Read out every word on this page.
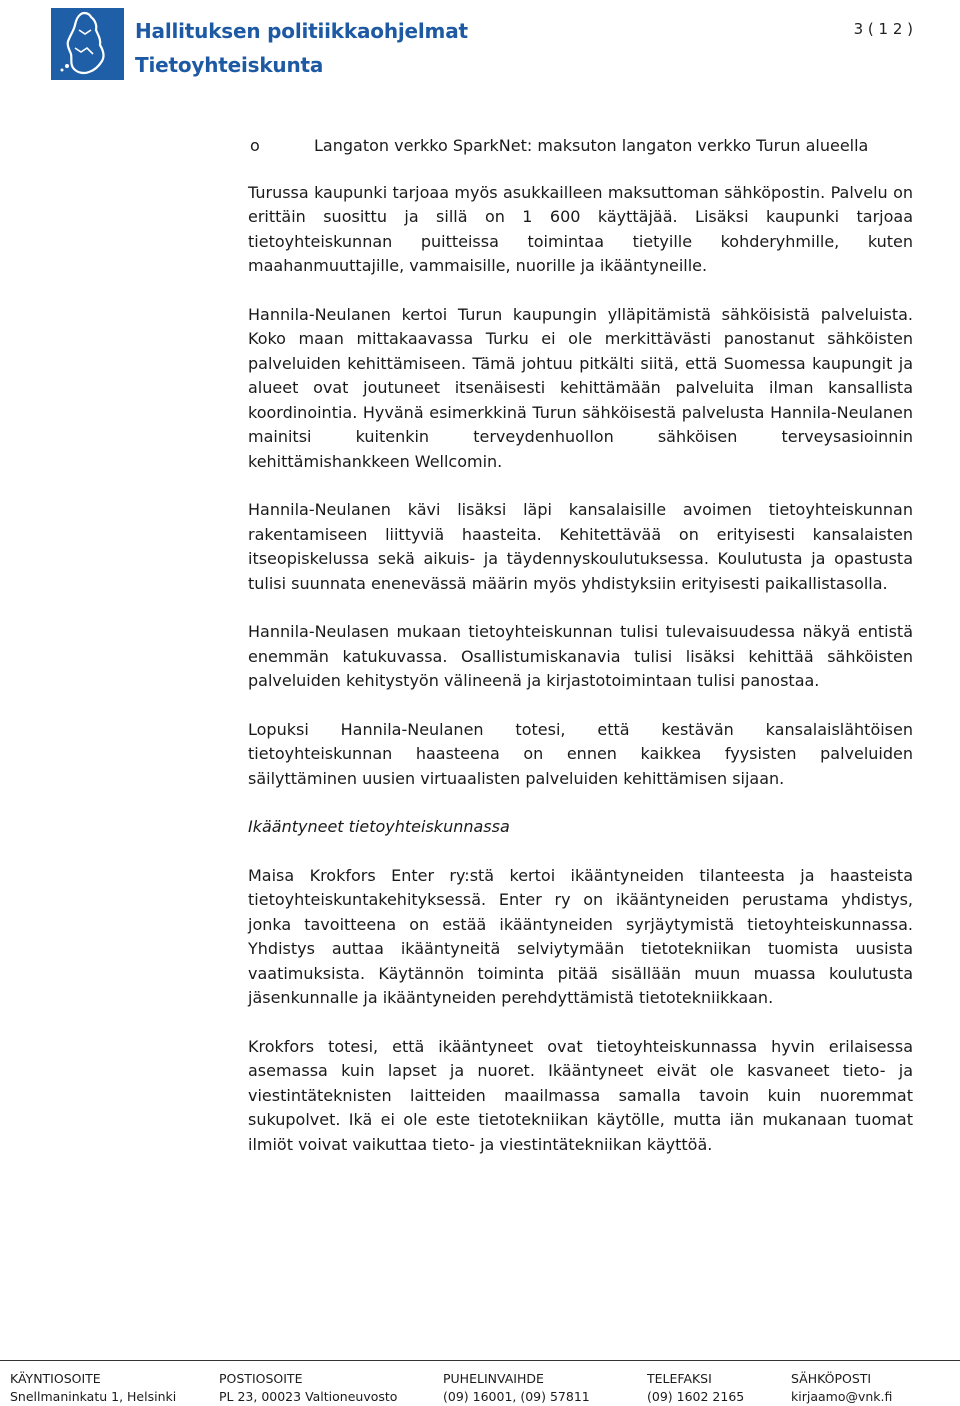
Hallituksen politiikkaohjelmat
Tietoyhteiskunta
3 ( 1 2 )

o	Langaton verkko SparkNet: maksuton langaton verkko Turun alueella

Turussa kaupunki tarjoaa myös asukkailleen maksuttoman sähköpostin. Palvelu on erittäin suosittu ja sillä on 1 600 käyttäjää. Lisäksi kaupunki tarjoaa tietoyhteiskunnan puitteissa toimintaa tietyille kohderyhmille, kuten maahanmuuttajille, vammaisille, nuorille ja ikääntyneille.

Hannila-Neulanen kertoi Turun kaupungin ylläpitämistä sähköisistä palveluista. Koko maan mittakaavassa Turku ei ole merkittävästi panostanut sähköisten palveluiden kehittämiseen. Tämä johtuu pitkälti siitä, että Suomessa kaupungit ja alueet ovat joutuneet itsenäisesti kehittämään palveluita ilman kansallista koordinointia. Hyvänä esimerkkinä Turun sähköisestä palvelusta Hannila-Neulanen mainitsi kuitenkin terveydenhuollon sähköisen terveysasioinnin kehittämishankkeen Wellcomin.

Hannila-Neulanen kävi lisäksi läpi kansalaisille avoimen tietoyhteiskunnan rakentamiseen liittyviä haasteita. Kehitettävää on erityisesti kansalaisten itseopiskelussa sekä aikuis- ja täydennyskoulutuksessa. Koulutusta ja opastusta tulisi suunnata enenevässä määrin myös yhdistyksiin erityisesti paikallistasolla.

Hannila-Neulasen mukaan tietoyhteiskunnan tulisi tulevaisuudessa näkyä entistä enemmän katukuvassa. Osallistumiskanavia tulisi lisäksi kehittää sähköisten palveluiden kehitystyön välineenä ja kirjastotoimintaan tulisi panostaa.

Lopuksi Hannila-Neulanen totesi, että kestävän kansalaislähtöisen tietoyhteiskunnan haasteena on ennen kaikkea fyysisten palveluiden säilyttäminen uusien virtuaalisten palveluiden kehittämisen sijaan.

Ikääntyneet tietoyhteiskunnassa

Maisa Krokfors Enter ry:stä kertoi ikääntyneiden tilanteesta ja haasteista tietoyhteiskuntakehityksessä. Enter ry on ikääntyneiden perustama yhdistys, jonka tavoitteena on estää ikääntyneiden syrjäytymistä tietoyhteiskunnassa. Yhdistys auttaa ikääntyneitä selviytymään tietotekniikan tuomista uusista vaatimuksista. Käytännön toiminta pitää sisällään muun muassa koulutusta jäsenkunnalle ja ikääntyneiden perehdyttämistä tietotekniikkaan.

Krokfors totesi, että ikääntyneet ovat tietoyhteiskunnassa hyvin erilaisessa asemassa kuin lapset ja nuoret. Ikääntyneet eivät ole kasvaneet tieto- ja viestintäteknisten laitteiden maailmassa samalla tavoin kuin nuoremmat sukupolvet. Ikä ei ole este tietotekniikan käytölle, mutta iän mukanaan tuomat ilmiöt voivat vaikuttaa tieto- ja viestintätekniikan käyttöä.

KÄYNTIOSOITE
Snellmaninkatu 1, Helsinki
POSTIOSOITE
PL 23, 00023 Valtioneuvosto
PUHELINVAIHDE
(09) 16001, (09) 57811
TELEFAKSI
(09) 1602 2165
SÄHKÖPOSTI
kirjaamo@vnk.fi
